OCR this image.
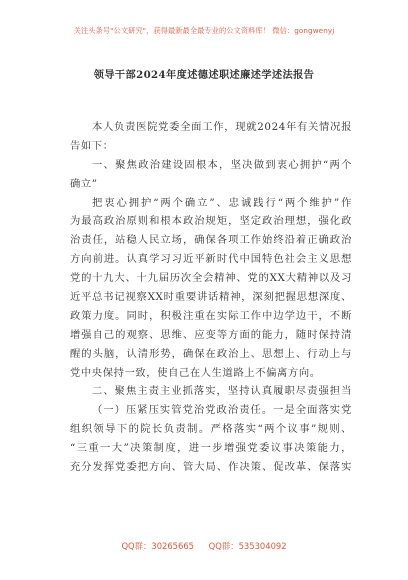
关注头条号"公文研究"，获得最新最全最专业的公文资料库！ 微信：gongwenyj
领导干部2024年度述德述职述廉述学述法报告
本人负责医院党委全面工作，现就2024年有关情况报
告如下：
一、聚焦政治建设固根本，坚决做到衷心拥护“两个
确立”
把衷心拥护“两个确立”、忠诚践行“两个维护”作
为最高政治原则和根本政治规矩，坚定政治理想，强化政
治责任，站稳人民立场，确保各项工作始终沿着正确政治
方向前进。认真学习习近平新时代中国特色社会主义思想
党的十九大、十九届历次全会精神、党的XX大精神以及习
近平总书记视察XX时重要讲话精神，深刻把握思想深度、
政策力度。同时，积极注重在实际工作中边学边干，不断
增强自己的观察、思维、应变等方面的能力，随时保持清
醒的头脑，认清形势，确保在政治上、思想上、行动上与
党中央保持一致，使自己在人生道路上不偏离方向。
二、聚焦主责主业抓落实，坚持认真履职尽责强担当
（一）压紧压实管党治党政治责任。一是全面落实党
组织领导下的院长负责制。严格落实“两个议事”规则、
“三重一大”决策制度，进一步增强党委议事决策能力，
充分发挥党委把方向、管大局、作决策、促改革、保落实
QQ群：30265665 QQ群：535304092
